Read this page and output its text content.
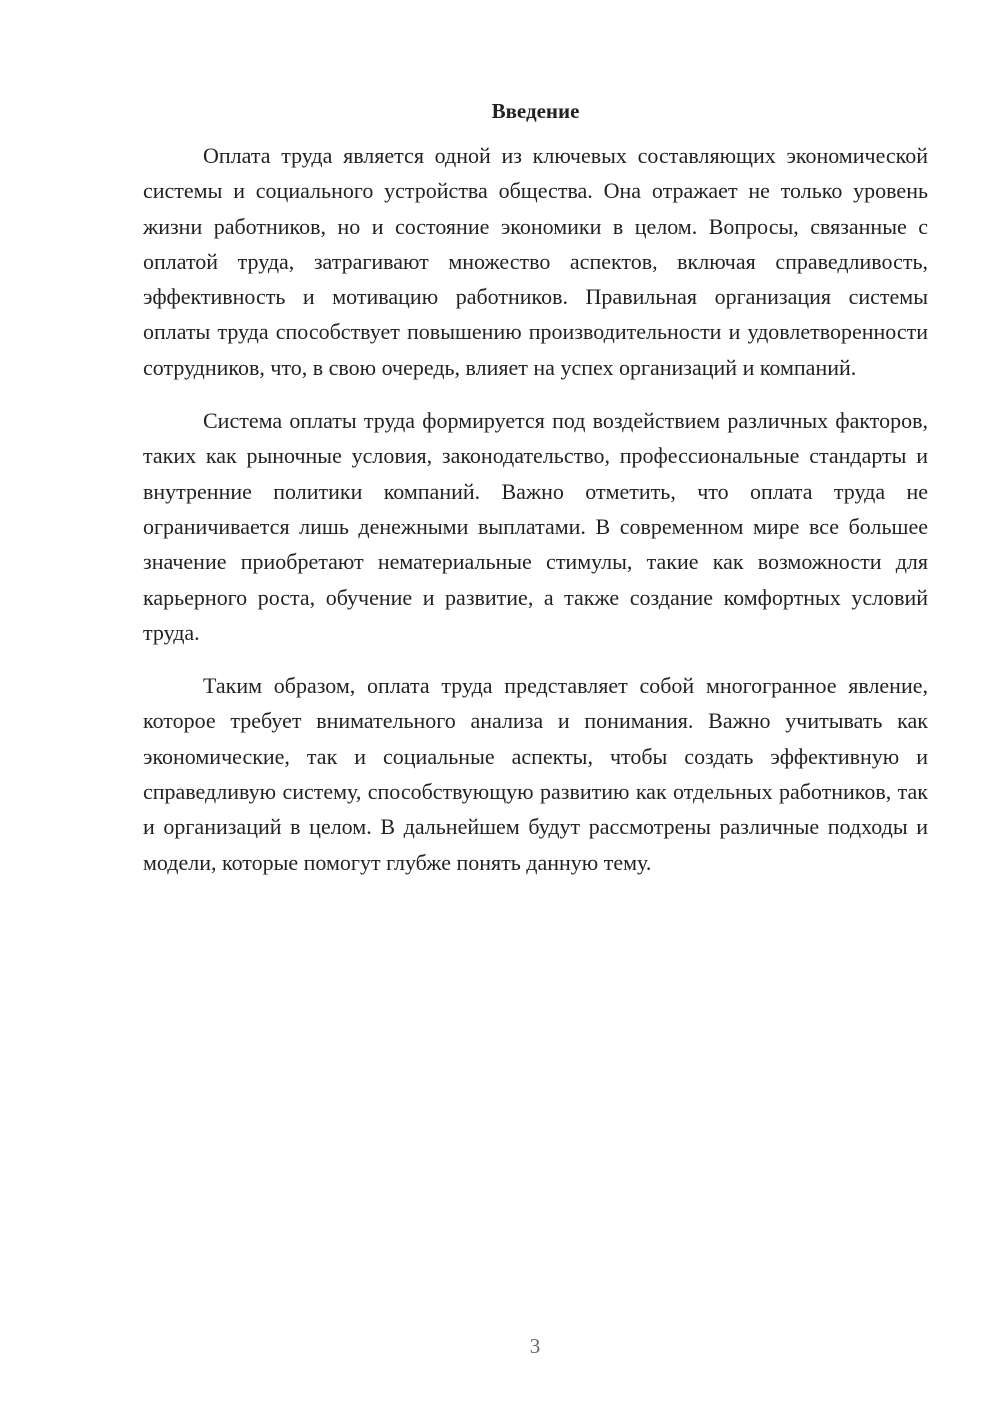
Введение

Оплата труда является одной из ключевых составляющих экономической системы и социального устройства общества. Она отражает не только уровень жизни работников, но и состояние экономики в целом. Вопросы, связанные с оплатой труда, затрагивают множество аспектов, включая справедливость, эффективность и мотивацию работников. Правильная организация системы оплаты труда способствует повышению производительности и удовлетворенности сотрудников, что, в свою очередь, влияет на успех организаций и компаний.

Система оплаты труда формируется под воздействием различных факторов, таких как рыночные условия, законодательство, профессиональные стандарты и внутренние политики компаний. Важно отметить, что оплата труда не ограничивается лишь денежными выплатами. В современном мире все большее значение приобретают нематериальные стимулы, такие как возможности для карьерного роста, обучение и развитие, а также создание комфортных условий труда.

Таким образом, оплата труда представляет собой многогранное явление, которое требует внимательного анализа и понимания. Важно учитывать как экономические, так и социальные аспекты, чтобы создать эффективную и справедливую систему, способствующую развитию как отдельных работников, так и организаций в целом. В дальнейшем будут рассмотрены различные подходы и модели, которые помогут глубже понять данную тему.

3
